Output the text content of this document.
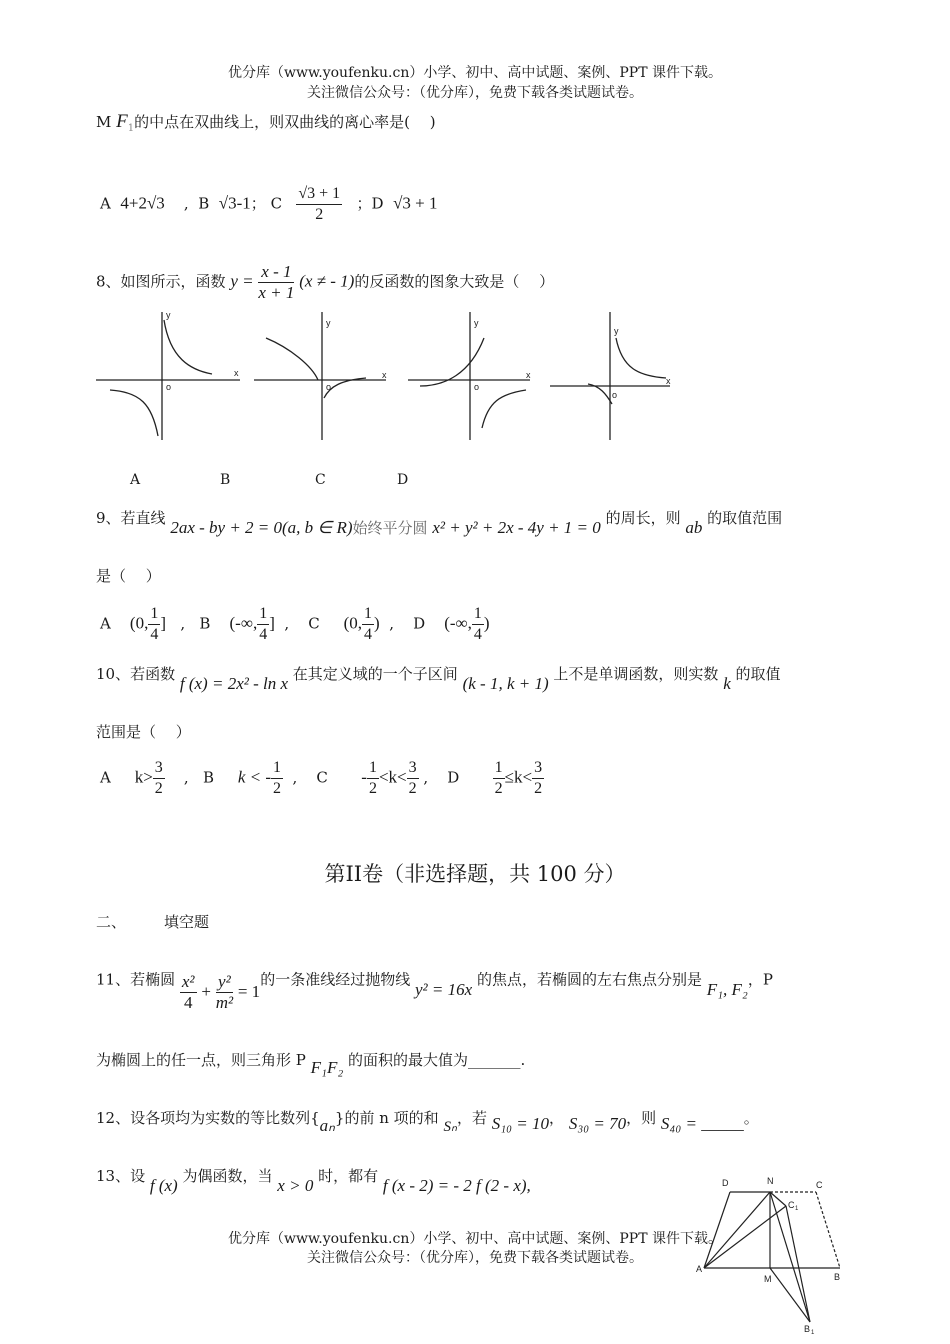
优分库（www.youfenku.cn）小学、初中、高中试题、案例、PPT 课件下载。
关注微信公众号：（优分库），免费下载各类试题试卷。
M $F_1$的中点在双曲线上，则双曲线的离心率是(　 )
A 4+2√3    ,  B √3-1； C $\frac{√3 + 1}{2}$ ；D √3 + 1
8、如图所示，函数 $y = \frac{x - 1}{x + 1} (x$ ≠ - 1)的反函数的图象大致是（　 ）
y
x
o
y
x
o
y
x
o
y
x
o
A	B	C	D
9、若直线 2ax - by + 2 = 0(a, b ∈ R)始终平分圆 x² + y² + 2x - 4y + 1 = 0 的周长，则 ab 的取值范围
是（　 ）
A (0, $\frac{1}{4}$ ]   ,   B (-∞, $\frac{1}{4}$ ]  ,    C (0, $\frac{1}{4}$ )  ,    D (-∞, $\frac{1}{4}$ )
10、若函数 f (x) = 2x² - ln x 在其定义域的一个子区间 (k - 1, k + 1) 上不是单调函数，则实数 k 的取值
范围是（　 ）
A $k> \frac{3}{2}$ ,   B k < - $\frac{1}{2}$ ,    $C - \frac{1}{2} <k< \frac{3}{2}$ ,    D $\frac{1}{2} \le k< \frac{3}{2}$
第II卷（非选择题，共 100 分）
二、	填空题
11、若椭圆 $\frac{\text{x²}}{4} + \frac{\text{y²}}{\text{m²}} = 1$的一条准线经过抛物线 y² = 16x 的焦点，若椭圆的左右焦点分别是 F₁, F₂，P
为椭圆上的任一点，则三角形 P F₁F₂ 的面积的最大值为_______.
12、设各项均为实数的等比数列{aₙ}的前 n 项的和 Sₙ，若 S₁₀ = 10， S₃₀ = 70，则 S₄₀ = _____。
13、设 f (x) 为偶函数，当 x > 0 时，都有 f (x - 2) = - 2 f (2 - x),	D	N	C
C 1
A
M	B
B 1
优分库（www.youfenku.cn）小学、初中、高中试题、案例、PPT 课件下载。
关注微信公众号：（优分库），免费下载各类试题试卷。
